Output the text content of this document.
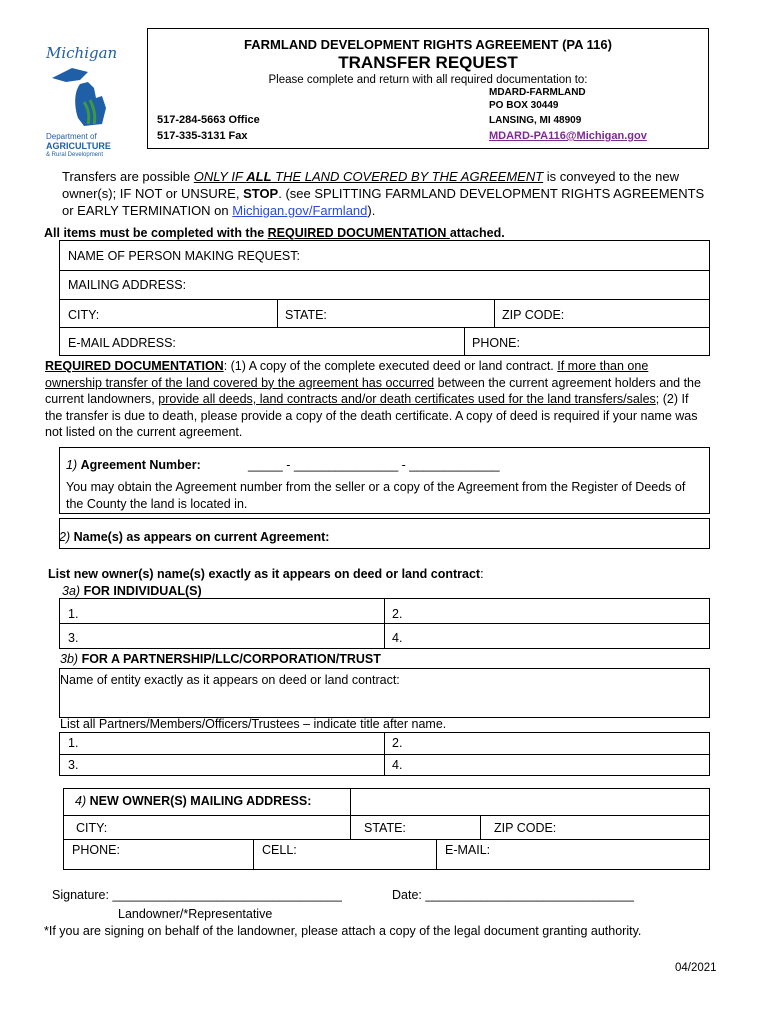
Michigan
Department of
AGRICULTURE
& Rural Development
FARMLAND DEVELOPMENT RIGHTS AGREEMENT (PA 116)
TRANSFER REQUEST
Please complete and return with all required documentation to:
MDARD-FARMLAND
PO BOX 30449
517-284-5663 Office	LANSING, MI 48909
517-335-3131 Fax	MDARD-PA116@Michigan.gov
Transfers are possible ONLY IF ALL THE LAND COVERED BY THE AGREEMENT is conveyed to the new owner(s); IF NOT or UNSURE, STOP. (see SPLITTING FARMLAND DEVELOPMENT RIGHTS AGREEMENTS or EARLY TERMINATION on Michigan.gov/Farmland).
All items must be completed with the REQUIRED DOCUMENTATION attached.
NAME OF PERSON MAKING REQUEST:
MAILING ADDRESS:
CITY:	STATE:	ZIP CODE:
E-MAIL ADDRESS:	PHONE:
REQUIRED DOCUMENTATION: (1) A copy of the complete executed deed or land contract. If more than one ownership transfer of the land covered by the agreement has occurred between the current agreement holders and the current landowners, provide all deeds, land contracts and/or death certificates used for the land transfers/sales; (2) If the transfer is due to death, please provide a copy of the death certificate. A copy of deed is required if your name was not listed on the current agreement.
1) Agreement Number:	_____ - _______________ - _____________
You may obtain the Agreement number from the seller or a copy of the Agreement from the Register of Deeds of the County the land is located in.
2) Name(s) as appears on current Agreement:
List new owner(s) name(s) exactly as it appears on deed or land contract:
3a) FOR INDIVIDUAL(S)
1.	2.
3.	4.
3b) FOR A PARTNERSHIP/LLC/CORPORATION/TRUST
Name of entity exactly as it appears on deed or land contract:
List all Partners/Members/Officers/Trustees – indicate title after name.
1.	2.
3.	4.
4) NEW OWNER(S) MAILING ADDRESS:
CITY:	STATE:	ZIP CODE:
PHONE:	CELL:	E-MAIL:
Signature: _________________________________	Date: ______________________________
Landowner/*Representative
*If you are signing on behalf of the landowner, please attach a copy of the legal document granting authority.
04/2021
